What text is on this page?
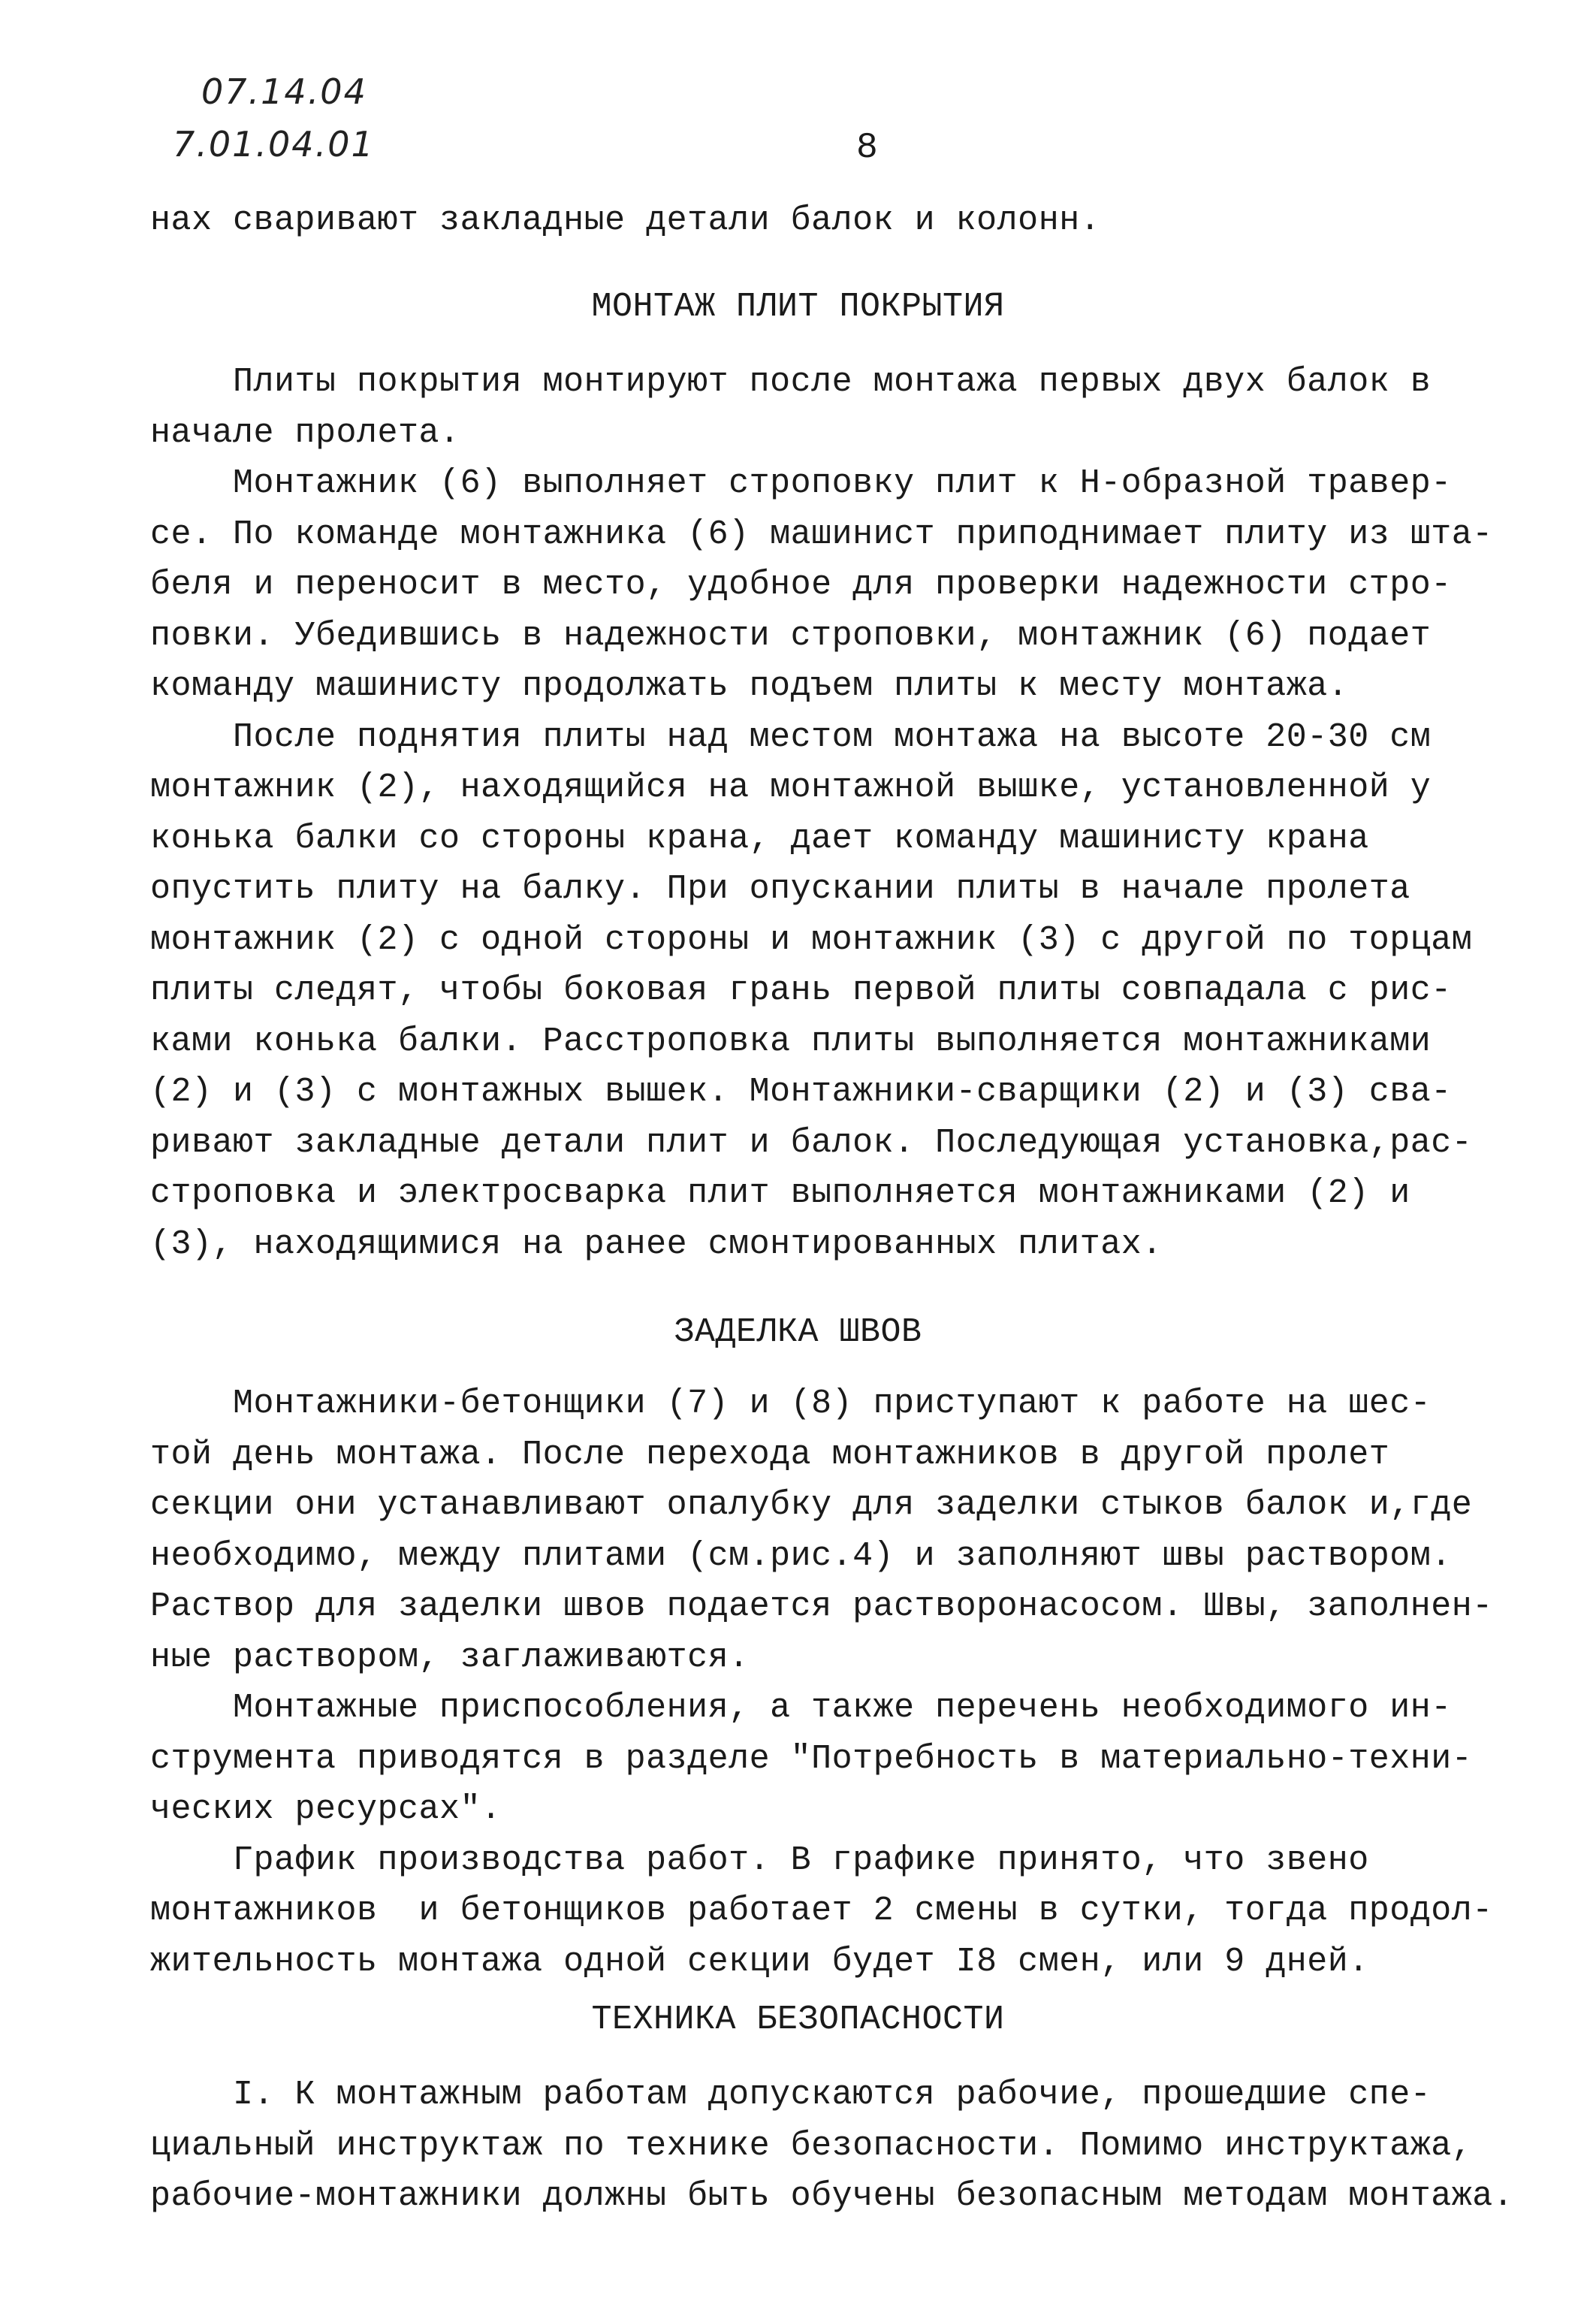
07.14.04
7.01.04.01	8
нах сваривают закладные детали балок и колонн.
МОНТАЖ ПЛИТ ПОКРЫТИЯ
Плиты покрытия монтируют после монтажа первых двух балок в
начале пролета.
Монтажник (6) выполняет строповку плит к Н-образной травер-
се. По команде монтажника (6) машинист приподнимает плиту из шта-
беля и переносит в место, удобное для проверки надежности стро-
повки. Убедившись в надежности строповки, монтажник (6) подает
команду машинисту продолжать подъем плиты к месту монтажа.
После поднятия плиты над местом монтажа на высоте 20-30 см
монтажник (2), находящийся на монтажной вышке, установленной у
конька балки со стороны крана, дает команду машинисту крана
опустить плиту на балку. При опускании плиты в начале пролета
монтажник (2) с одной стороны и монтажник (3) с другой по торцам
плиты следят, чтобы боковая грань первой плиты совпадала с рис-
ками конька балки. Расстроповка плиты выполняется монтажниками
(2) и (3) с монтажных вышек. Монтажники-сварщики (2) и (3) сва-
ривают закладные детали плит и балок. Последующая установка,рас-
строповка и электросварка плит выполняется монтажниками (2) и
(3), находящимися на ранее смонтированных плитах.
ЗАДЕЛКА ШВОВ
Монтажники-бетонщики (7) и (8) приступают к работе на шес-
той день монтажа. После перехода монтажников в другой пролет
секции они устанавливают опалубку для заделки стыков балок и,где
необходимо, между плитами (см.рис.4) и заполняют швы раствором.
Раствор для заделки швов подается растворонасосом. Швы, заполнен-
ные раствором, заглаживаются.
Монтажные приспособления, а также перечень необходимого ин-
струмента приводятся в разделе "Потребность в материально-техни-
ческих ресурсах".
График производства работ. В графике принято, что звено
монтажников  и бетонщиков работает 2 смены в сутки, тогда продол-
жительность монтажа одной секции будет I8 смен, или 9 дней.
ТЕХНИКА БЕЗОПАСНОСТИ
I. К монтажным работам допускаются рабочие, прошедшие спе-
циальный инструктаж по технике безопасности. Помимо инструктажа,
рабочие-монтажники должны быть обучены безопасным методам монтажа.
